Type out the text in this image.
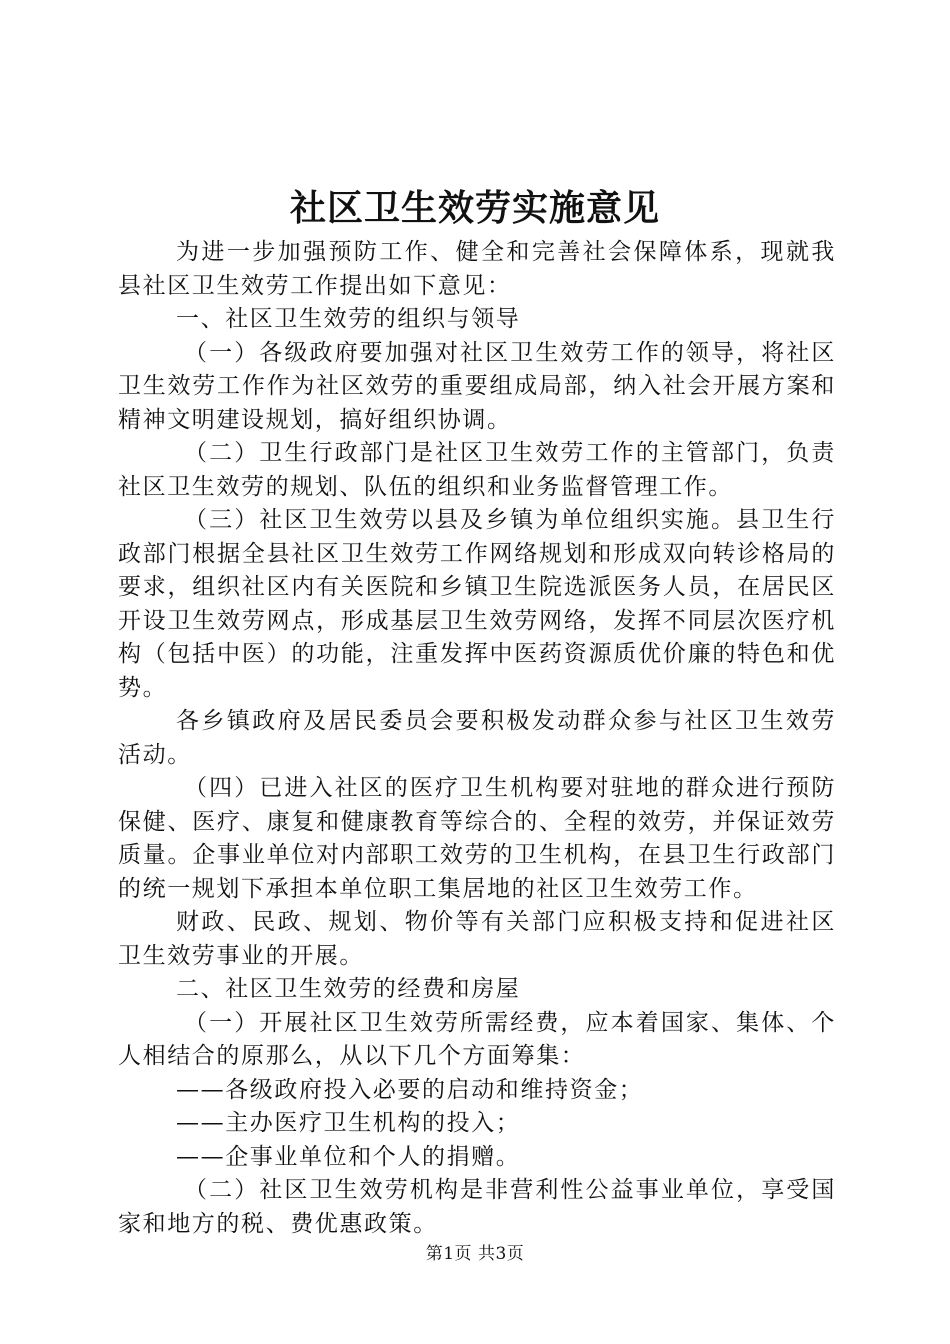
社区卫生效劳实施意见

为进一步加强预防工作、健全和完善社会保障体系，现就我县社区卫生效劳工作提出如下意见：

一、社区卫生效劳的组织与领导

（一）各级政府要加强对社区卫生效劳工作的领导，将社区卫生效劳工作作为社区效劳的重要组成局部，纳入社会开展方案和精神文明建设规划，搞好组织协调。

（二）卫生行政部门是社区卫生效劳工作的主管部门，负责社区卫生效劳的规划、队伍的组织和业务监督管理工作。

（三）社区卫生效劳以县及乡镇为单位组织实施。县卫生行政部门根据全县社区卫生效劳工作网络规划和形成双向转诊格局的要求，组织社区内有关医院和乡镇卫生院选派医务人员，在居民区开设卫生效劳网点，形成基层卫生效劳网络，发挥不同层次医疗机构（包括中医）的功能，注重发挥中医药资源质优价廉的特色和优势。

各乡镇政府及居民委员会要积极发动群众参与社区卫生效劳活动。

（四）已进入社区的医疗卫生机构要对驻地的群众进行预防保健、医疗、康复和健康教育等综合的、全程的效劳，并保证效劳质量。企事业单位对内部职工效劳的卫生机构，在县卫生行政部门的统一规划下承担本单位职工集居地的社区卫生效劳工作。

财政、民政、规划、物价等有关部门应积极支持和促进社区卫生效劳事业的开展。

二、社区卫生效劳的经费和房屋

（一）开展社区卫生效劳所需经费，应本着国家、集体、个人相结合的原那么，从以下几个方面筹集：

——各级政府投入必要的启动和维持资金；

——主办医疗卫生机构的投入；

——企事业单位和个人的捐赠。

（二）社区卫生效劳机构是非营利性公益事业单位，享受国家和地方的税、费优惠政策。

第1页 共3页
